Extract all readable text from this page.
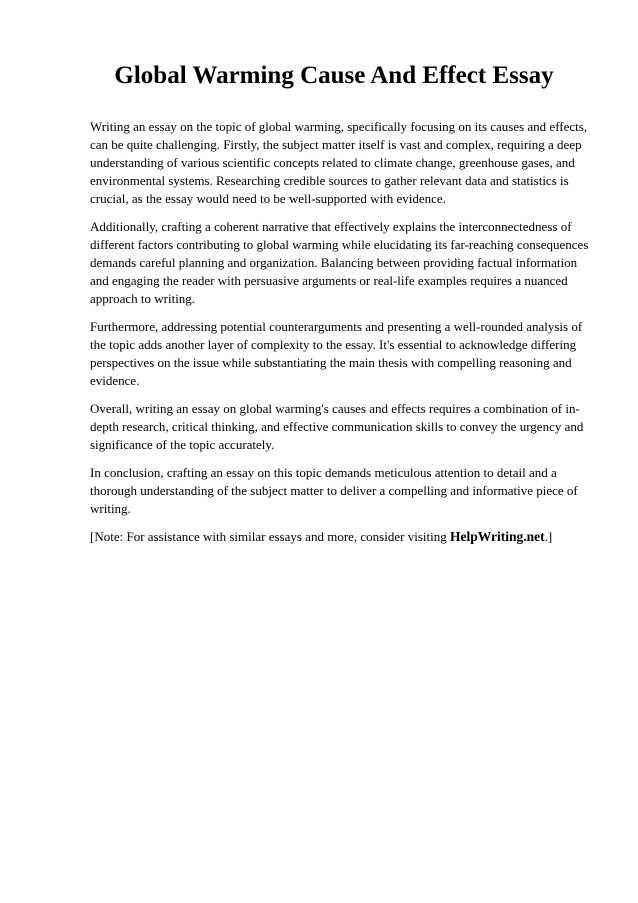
Global Warming Cause And Effect Essay

Writing an essay on the topic of global warming, specifically focusing on its causes and effects, can be quite challenging. Firstly, the subject matter itself is vast and complex, requiring a deep understanding of various scientific concepts related to climate change, greenhouse gases, and environmental systems. Researching credible sources to gather relevant data and statistics is crucial, as the essay would need to be well-supported with evidence.

Additionally, crafting a coherent narrative that effectively explains the interconnectedness of different factors contributing to global warming while elucidating its far-reaching consequences demands careful planning and organization. Balancing between providing factual information and engaging the reader with persuasive arguments or real-life examples requires a nuanced approach to writing.

Furthermore, addressing potential counterarguments and presenting a well-rounded analysis of the topic adds another layer of complexity to the essay. It's essential to acknowledge differing perspectives on the issue while substantiating the main thesis with compelling reasoning and evidence.

Overall, writing an essay on global warming's causes and effects requires a combination of in-depth research, critical thinking, and effective communication skills to convey the urgency and significance of the topic accurately.

In conclusion, crafting an essay on this topic demands meticulous attention to detail and a thorough understanding of the subject matter to deliver a compelling and informative piece of writing.

[Note: For assistance with similar essays and more, consider visiting HelpWriting.net.]
